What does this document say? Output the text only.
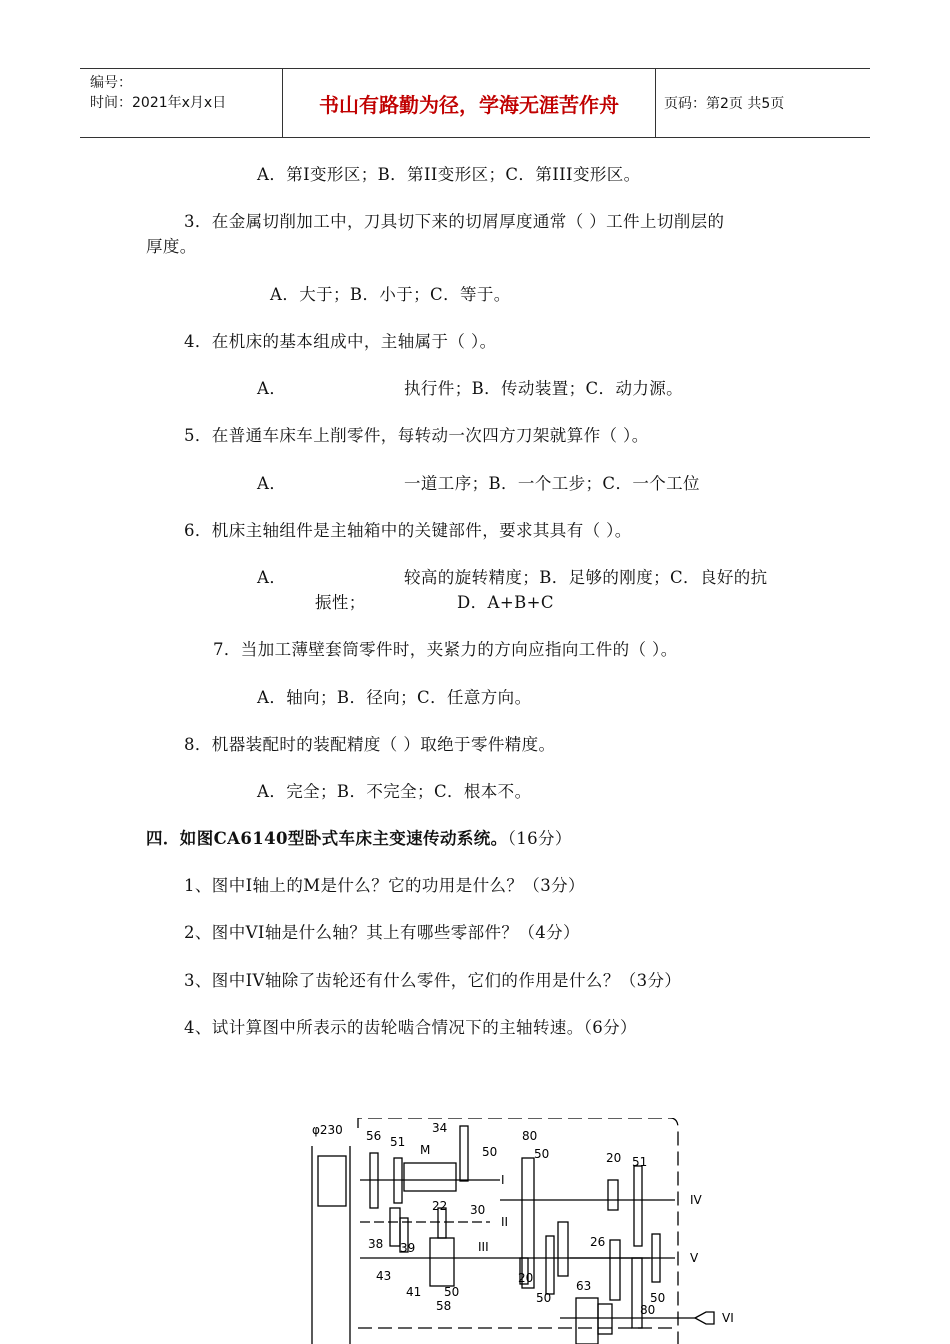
编号：
时间：2021年x月x日	书山有路勤为径，学海无涯苦作舟	页码：第2页 共5页
A．第I变形区；B．第II变形区；C．第III变形区。
3．在金属切削加工中，刀具切下来的切屑厚度通常（ ）工件上切削层的
厚度。
A．大于；B．小于；C．等于。
4．在机床的基本组成中，主轴属于（ ）。
A．	执行件；B．传动装置；C．动力源。
5．在普通车床车上削零件，每转动一次四方刀架就算作（ ）。
A．	一道工序；B．一个工步；C．一个工位
6．机床主轴组件是主轴箱中的关键部件，要求其具有（ ）。
A．	较高的旋转精度；B．足够的刚度；C．良好的抗
振性；	D．A+B+C
7．当加工薄壁套筒零件时，夹紧力的方向应指向工件的（ ）。
A．轴向；B．径向；C．任意方向。
8．机器装配时的装配精度（ ）取绝于零件精度。
A．完全；B．不完全；C．根本不。
四．如图CA6140型卧式车床主变速传动系统。（16分）
1、图中I轴上的M是什么？它的功用是什么？（3分）
2、图中VI轴是什么轴？其上有哪些零部件？（4分）
3、图中IV轴除了齿轮还有什么零件，它们的作用是什么？（3分）
4、试计算图中所表示的齿轮啮合情况下的主轴转速。（6分）
φ230
M
I
II
III
IV
V
VI
56 51
34
50
80
50	20 51
22 30
38 39
43
41 50
58
20
50
63
26
50
80
